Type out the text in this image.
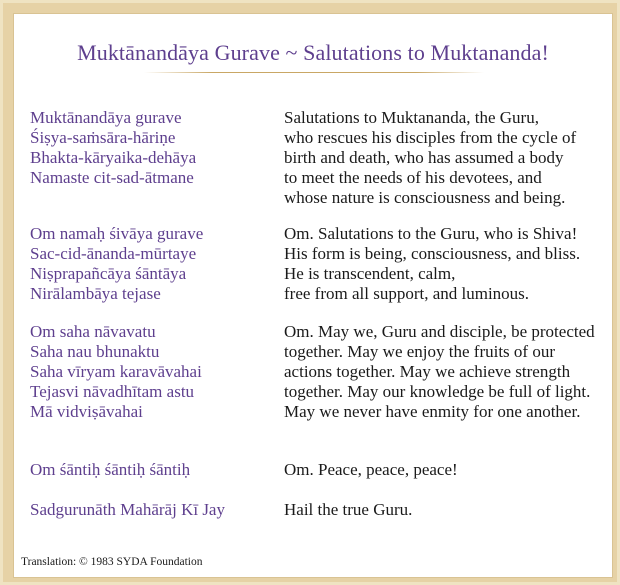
Muktānandāya Gurave ~ Salutations to Muktananda!
Muktānandāya gurave
Śiṣya-saṁsāra-hāriṇe
Bhakta-kāryaika-dehāya
Namaste cit-sad-ātmane
Salutations to Muktananda, the Guru,
who rescues his disciples from the cycle of
birth and death, who has assumed a body
to meet the needs of his devotees, and
whose nature is consciousness and being.
Om namaḥ śivāya gurave
Sac-cid-ānanda-mūrtaye
Niṣprapañcāya śāntāya
Nirālambāya tejase
Om. Salutations to the Guru, who is Shiva!
His form is being, consciousness, and bliss.
He is transcendent, calm,
free from all support, and luminous.
Om saha nāvavatu
Saha nau bhunaktu
Saha vīryam karavāvahai
Tejasvi nāvadhītam astu
Mā vidviṣāvahai
Om. May we, Guru and disciple, be protected
together. May we enjoy the fruits of our
actions together. May we achieve strength
together. May our knowledge be full of light.
May we never have enmity for one another.
Om śāntiḥ śāntiḥ śāntiḥ	Om. Peace, peace, peace!
Sadgurunāth Mahārāj Kī Jay	Hail the true Guru.
Translation: © 1983 SYDA Foundation
